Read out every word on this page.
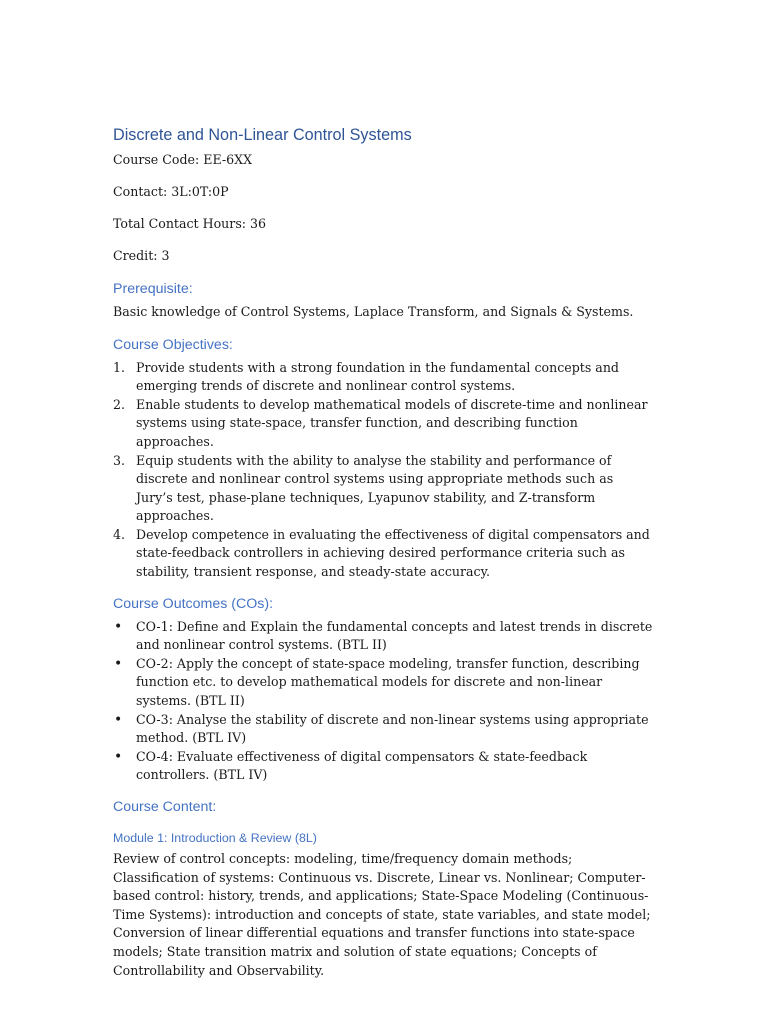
Discrete and Non-Linear Control Systems
Course Code: EE-6XX
Contact: 3L:0T:0P
Total Contact Hours: 36
Credit: 3
Prerequisite:
Basic knowledge of Control Systems, Laplace Transform, and Signals & Systems.
Course Objectives:
1. Provide students with a strong foundation in the fundamental concepts and emerging trends of discrete and nonlinear control systems.
2. Enable students to develop mathematical models of discrete-time and nonlinear systems using state-space, transfer function, and describing function approaches.
3. Equip students with the ability to analyse the stability and performance of discrete and nonlinear control systems using appropriate methods such as Jury’s test, phase-plane techniques, Lyapunov stability, and Z-transform approaches.
4. Develop competence in evaluating the effectiveness of digital compensators and state-feedback controllers in achieving desired performance criteria such as stability, transient response, and steady-state accuracy.
Course Outcomes (COs):
• CO-1: Define and Explain the fundamental concepts and latest trends in discrete and nonlinear control systems. (BTL II)
• CO-2: Apply the concept of state-space modeling, transfer function, describing function etc. to develop mathematical models for discrete and non-linear systems. (BTL II)
• CO-3: Analyse the stability of discrete and non-linear systems using appropriate method. (BTL IV)
• CO-4: Evaluate effectiveness of digital compensators & state-feedback controllers. (BTL IV)
Course Content:
Module 1: Introduction & Review (8L)
Review of control concepts: modeling, time/frequency domain methods; Classification of systems: Continuous vs. Discrete, Linear vs. Nonlinear; Computer-based control: history, trends, and applications; State-Space Modeling (Continuous-Time Systems): introduction and concepts of state, state variables, and state model; Conversion of linear differential equations and transfer functions into state-space models; State transition matrix and solution of state equations; Concepts of Controllability and Observability.
